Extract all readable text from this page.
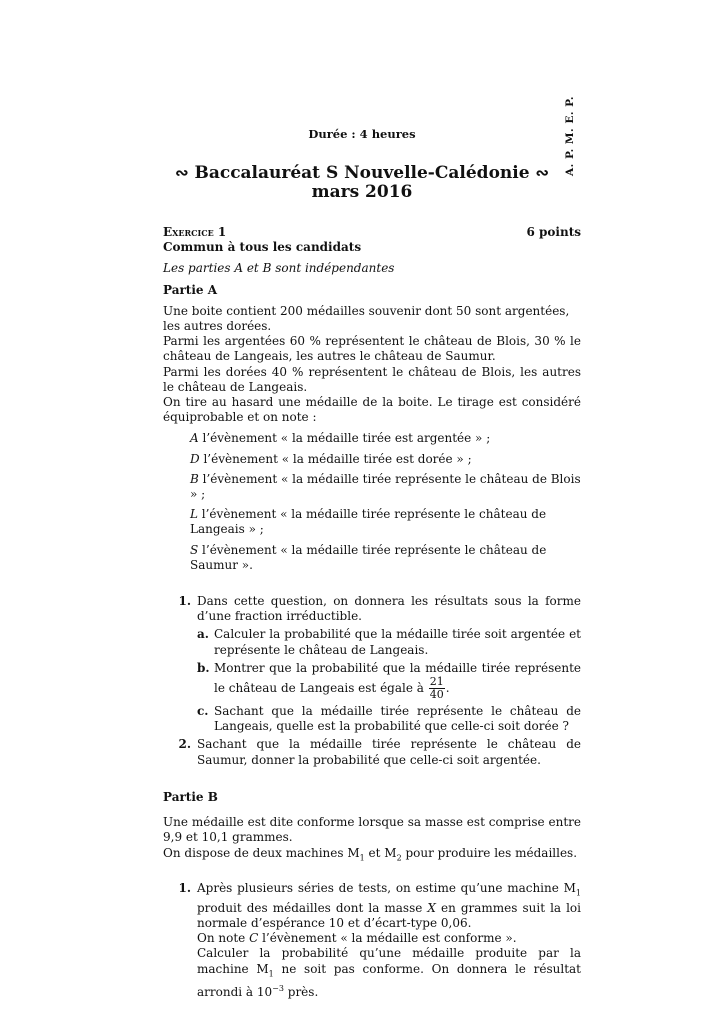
A. P. M. E. P.
Durée : 4 heures
∾ Baccalauréat S Nouvelle-Calédonie ∾
mars 2016
Exercice 1	6 points

Commun à tous les candidats

Les parties A et B sont indépendantes

Partie A

Une boite contient 200 médailles souvenir dont 50 sont argentées, les autres dorées.

Parmi les argentées 60 % représentent le château de Blois, 30 % le château de Langeais, les autres le château de Saumur.

Parmi les dorées 40 % représentent le château de Blois, les autres le château de Langeais.

On tire au hasard une médaille de la boite. Le tirage est considéré équiprobable et on note :

A l’évènement « la médaille tirée est argentée » ;
D l’évènement « la médaille tirée est dorée » ;
B l’évènement « la médaille tirée représente le château de Blois » ;
L l’évènement « la médaille tirée représente le château de Langeais » ;
S l’évènement « la médaille tirée représente le château de Saumur ».
1. Dans cette question, on donnera les résultats sous la forme d’une fraction irréductible.
a. Calculer la probabilité que la médaille tirée soit argentée et représente le château de Langeais.
b. Montrer que la probabilité que la médaille tirée représente le château de Langeais est égale à $\frac{21}{40}$ .
c. Sachant que la médaille tirée représente le château de Langeais, quelle est la probabilité que celle-ci soit dorée ?
2. Sachant que la médaille tirée représente le château de Saumur, donner la probabilité que celle-ci soit argentée.

Partie B

Une médaille est dite conforme lorsque sa masse est comprise entre 9,9 et 10,1 grammes.

On dispose de deux machines $M_1$ et $M_2$ pour produire les médailles.

1. Après plusieurs séries de tests, on estime qu’une machine $M_1$ produit des médailles dont la masse X en grammes suit la loi normale d’espérance 10 et d’écart-type 0,06.
On note C l’évènement « la médaille est conforme ».
Calculer la probabilité qu’une médaille produite par la machine $M_1$ ne soit pas conforme. On donnera le résultat arrondi à $10^{-3}$ près.
